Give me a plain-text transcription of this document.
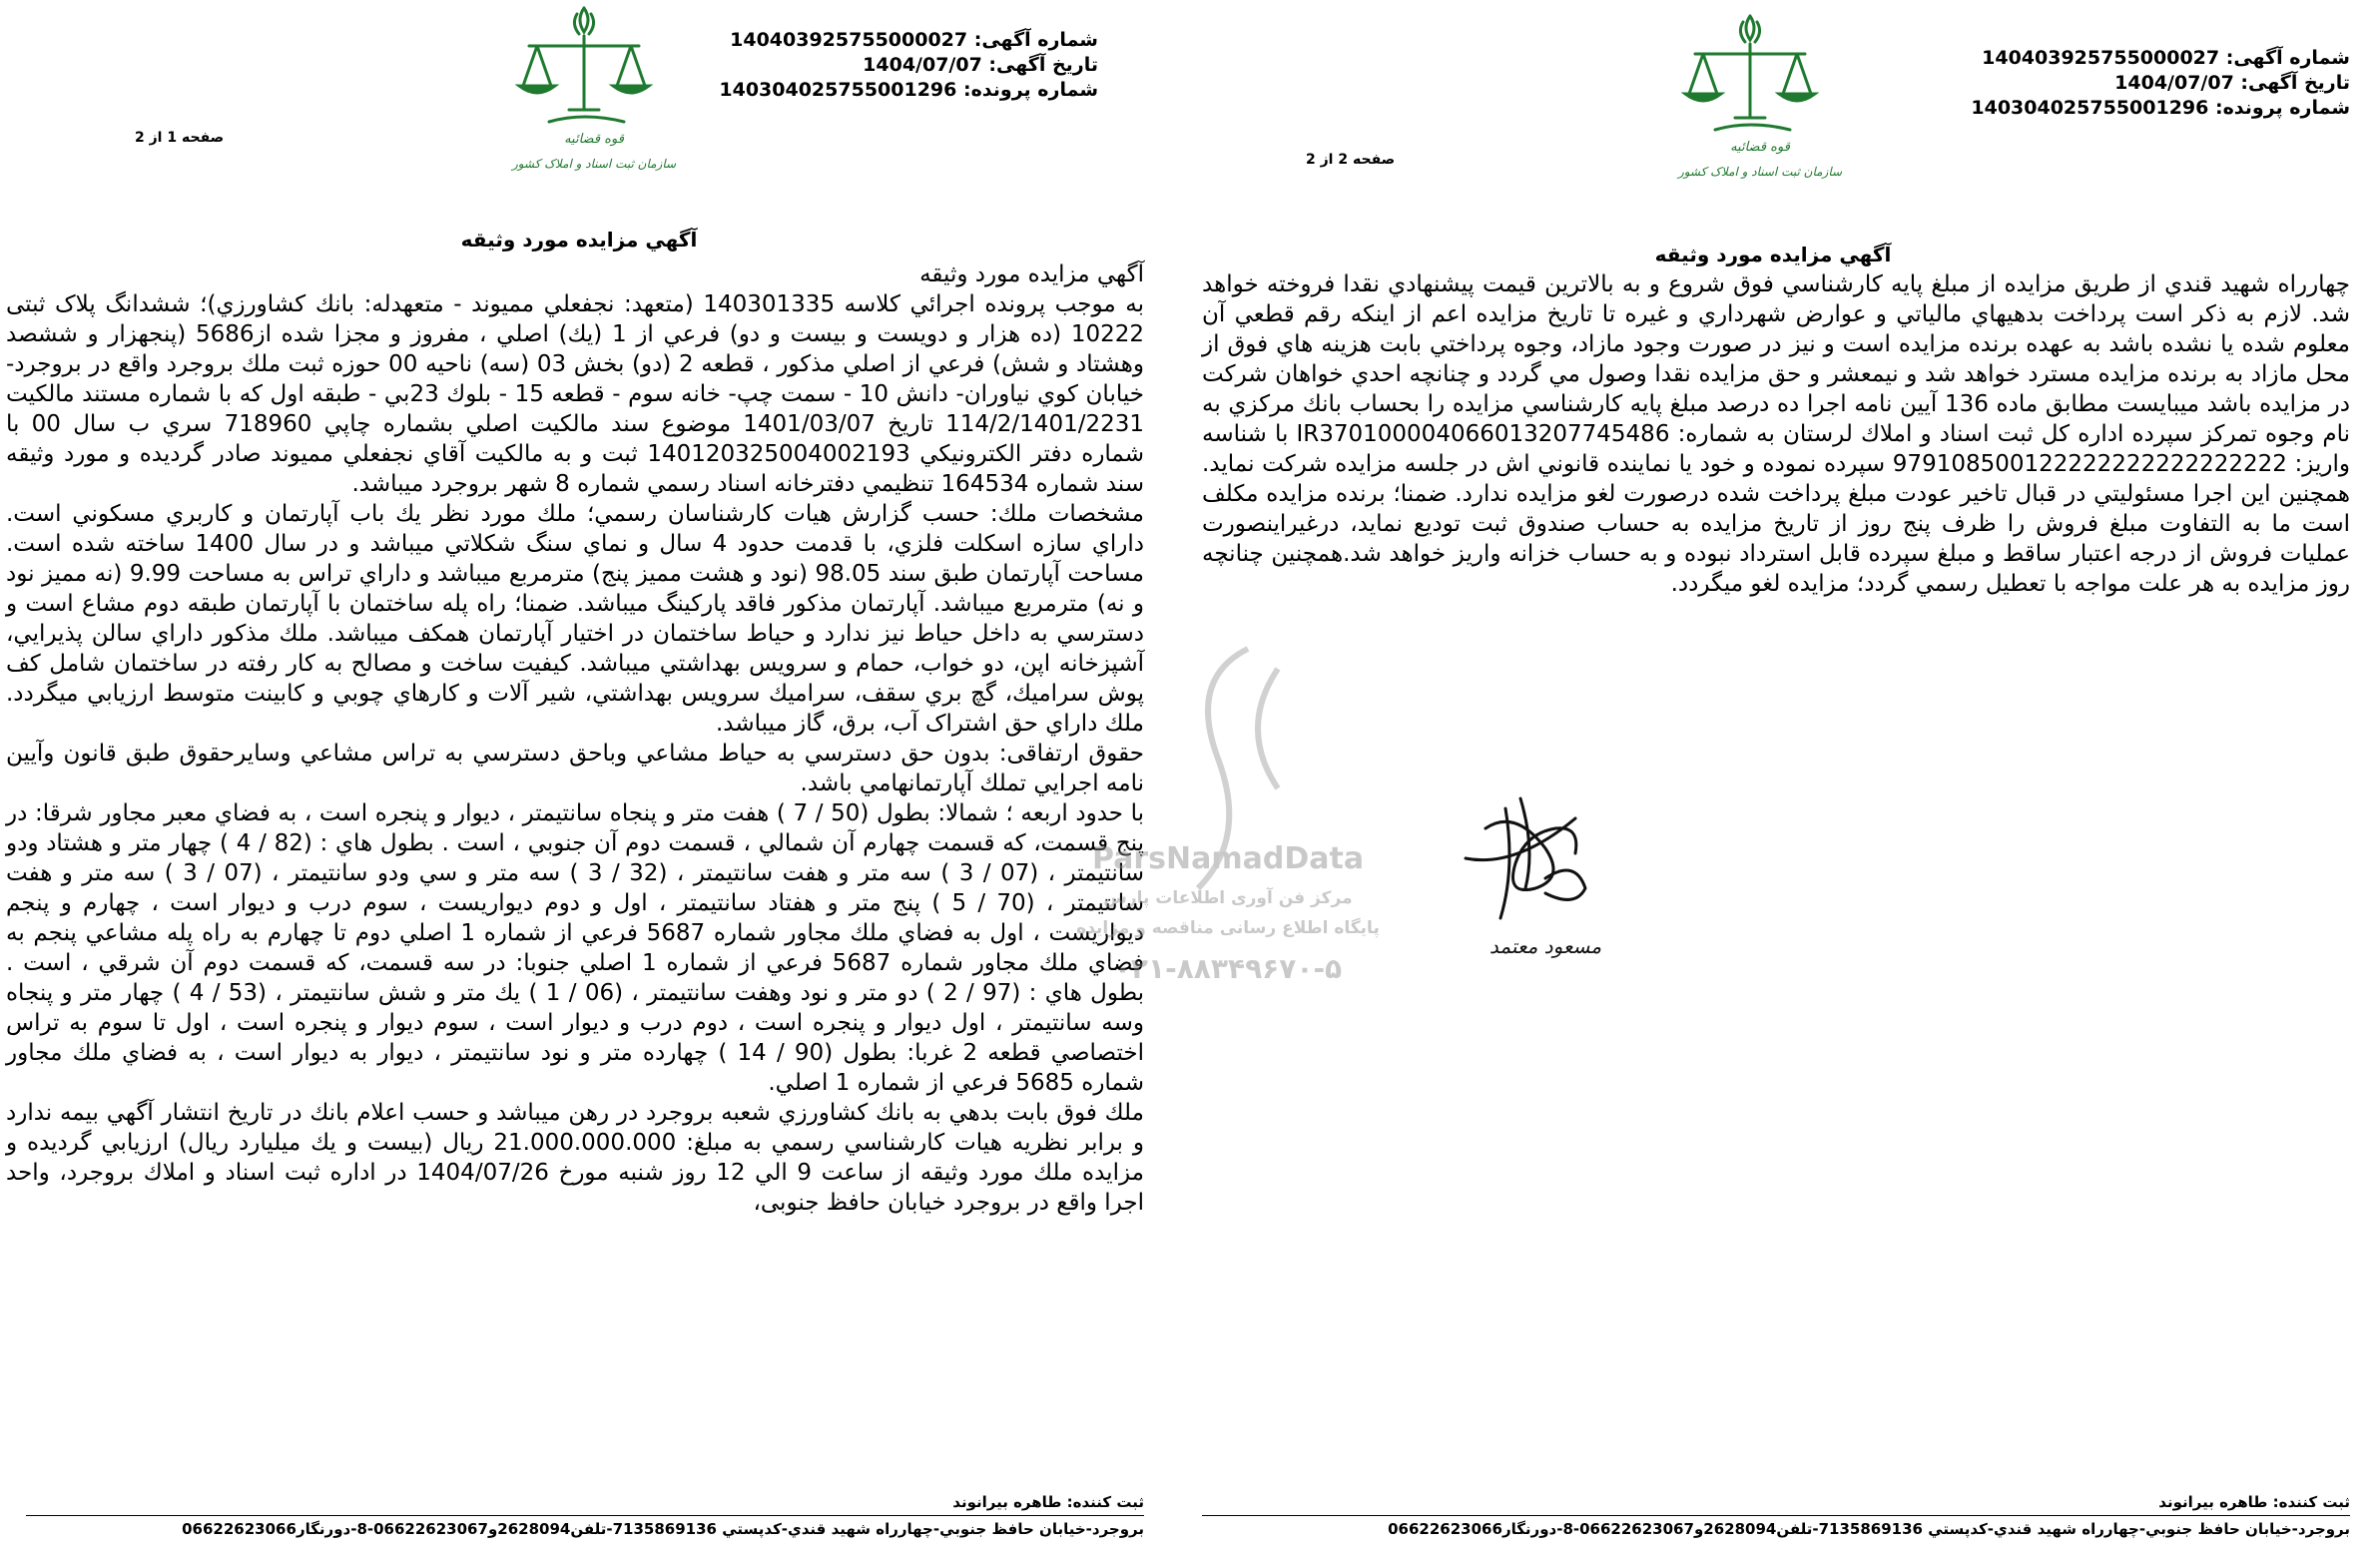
قوه قضائیه
سازمان ثبت اسناد و املاک کشور
شماره آگهی: 140403925755000027
تاریخ آگهی: 1404/07/07
شماره پرونده: 140304025755001296
صفحه 1 از 2
آگهي مزايده مورد وثيقه

آگهي مزايده مورد وثيقه

به موجب پرونده اجرائي كلاسه 140301335 (متعهد: نجفعلي مميوند - متعهدله: بانك كشاورزي)؛ ششدانگ پلاک ثبتی 10222 (ده هزار و دويست و بيست و دو) فرعي از 1 (يك) اصلي ، مفروز و مجزا شده از5686 (پنجهزار و ششصد وهشتاد و شش) فرعي از اصلي مذكور ، قطعه 2 (دو) بخش 03 (سه) ناحيه 00 حوزه ثبت ملك بروجرد واقع در بروجرد- خيابان كوي نياوران- دانش 10 - سمت چپ- خانه سوم - قطعه 15 - بلوك 23بي - طبقه اول كه با شماره مستند مالكيت 114/2/1401/2231 تاریخ 1401/03/07 موضوع سند مالكيت اصلي بشماره چاپي 718960 سري ب سال 00 با شماره دفتر الكترونيكي 140120325004002193 ثبت و به مالكيت آقاي نجفعلي مميوند صادر گرديده و مورد وثيقه سند شماره 164534 تنظيمي دفترخانه اسناد رسمي شماره 8 شهر بروجرد ميباشد.

مشخصات ملك: حسب گزارش هيات كارشناسان رسمي؛ ملك مورد نظر يك باب آپارتمان و كاربري مسكوني است. داراي سازه اسكلت فلزي، با قدمت حدود 4 سال و نماي سنگ شكلاتي ميباشد و در سال 1400 ساخته شده است. مساحت آپارتمان طبق سند 98.05 (نود و هشت مميز پنج) مترمربع ميباشد و داراي تراس به مساحت 9.99 (نه مميز نود و نه) مترمربع ميباشد. آپارتمان مذكور فاقد پاركينگ ميباشد. ضمنا؛ راه پله ساختمان با آپارتمان طبقه دوم مشاع است و دسترسي به داخل حياط نيز ندارد و حياط ساختمان در اختيار آپارتمان همكف ميباشد. ملك مذكور داراي سالن پذيرايي، آشپزخانه اپن، دو خواب، حمام و سرويس بهداشتي ميباشد. كيفيت ساخت و مصالح به كار رفته در ساختمان شامل كف پوش سراميك، گچ بري سقف، سراميك سرويس بهداشتي، شير آلات و كارهاي چوبي و كابينت متوسط ارزيابي ميگردد. ملك داراي حق اشتراک آب، برق، گاز ميباشد.

حقوق ارتفاقی: بدون حق دسترسي به حياط مشاعي وباحق دسترسي به تراس مشاعي وسايرحقوق طبق قانون وآيين نامه اجرايي تملك آپارتمانهامي باشد.

با حدود اربعه ؛ شمالا: بطول (50 / 7 ) هفت متر و پنجاه سانتيمتر ، ديوار و پنجره است ، به فضاي معبر مجاور شرقا: در پنج قسمت، كه قسمت چهارم آن شمالي ، قسمت دوم آن جنوبي ، است . بطول هاي : (82 / 4 ) چهار متر و هشتاد ودو سانتيمتر ، (07 / 3 ) سه متر و هفت سانتيمتر ، (32 / 3 ) سه متر و سي ودو سانتيمتر ، (07 / 3 ) سه متر و هفت سانتيمتر ، (70 / 5 ) پنج متر و هفتاد سانتيمتر ، اول و دوم ديواريست ، سوم درب و ديوار است ، چهارم و پنجم ديواريست ، اول به فضاي ملك مجاور شماره 5687 فرعي از شماره 1 اصلي دوم تا چهارم به راه پله مشاعي پنجم به فضاي ملك مجاور شماره 5687 فرعي از شماره 1 اصلي جنوبا: در سه قسمت، كه قسمت دوم آن شرقي ، است . بطول هاي : (97 / 2 ) دو متر و نود وهفت سانتيمتر ، (06 / 1 ) يك متر و شش سانتيمتر ، (53 / 4 ) چهار متر و پنجاه وسه سانتيمتر ، اول ديوار و پنجره است ، دوم درب و ديوار است ، سوم ديوار و پنجره است ، اول تا سوم به تراس اختصاصي قطعه 2 غربا: بطول (90 / 14 ) چهارده متر و نود سانتيمتر ، ديوار به ديوار است ، به فضاي ملك مجاور شماره 5685 فرعي از شماره 1 اصلي.

ملك فوق بابت بدهي به بانك كشاورزي شعبه بروجرد در رهن ميباشد و حسب اعلام بانك در تاريخ انتشار آگهي بيمه ندارد و برابر نظريه هيات كارشناسي رسمي به مبلغ: 21.000.000.000 ريال (بيست و يك ميليارد ريال) ارزيابي گرديده و مزايده ملك مورد وثيقه از ساعت 9 الي 12 روز شنبه مورخ 1404/07/26 در اداره ثبت اسناد و املاك بروجرد، واحد اجرا واقع در بروجرد خيابان حافظ جنوبی،

ثبت كننده: طاهره بيرانوند
بروجرد-خيابان حافظ جنوبي-چهارراه شهيد قندي-كدپستي 7135869136-تلفن2628094و06622623067-8-دورنگار06622623066
قوه قضائیه
سازمان ثبت اسناد و املاک کشور
شماره آگهی: 140403925755000027
تاریخ آگهی: 1404/07/07
شماره پرونده: 140304025755001296
صفحه 2 از 2
آگهي مزايده مورد وثيقه

چهارراه شهيد قندي از طريق مزايده از مبلغ پايه كارشناسي فوق شروع و به بالاترين قيمت پيشنهادي نقدا فروخته خواهد شد. لازم به ذكر است پرداخت بدهيهاي مالياتي و عوارض شهرداري و غيره تا تاريخ مزايده اعم از اينكه رقم قطعي آن معلوم شده يا نشده باشد به عهده برنده مزايده است و نيز در صورت وجود مازاد، وجوه پرداختي بابت هزينه هاي فوق از محل مازاد به برنده مزايده مسترد خواهد شد و نيمعشر و حق مزايده نقدا وصول مي گردد و چنانچه احدي خواهان شركت در مزايده باشد ميبايست مطابق ماده 136 آيين نامه اجرا ده درصد مبلغ پايه كارشناسي مزايده را بحساب بانك مركزي به نام وجوه تمركز سپرده اداره كل ثبت اسناد و املاك لرستان به شماره: IR370100004066013207745486 با شناسه واريز: 979108500122222222222222222 سپرده نموده و خود يا نماينده قانوني اش در جلسه مزايده شركت نمايد. همچنين اين اجرا مسئوليتي در قبال تاخير عودت مبلغ پرداخت شده درصورت لغو مزايده ندارد. ضمنا؛ برنده مزايده مكلف است ما به التفاوت مبلغ فروش را ظرف پنج روز از تاريخ مزايده به حساب صندوق ثبت توديع نمايد، درغيراينصورت عمليات فروش از درجه اعتبار ساقط و مبلغ سپرده قابل استرداد نبوده و به حساب خزانه واريز خواهد شد.همچنين چنانچه روز مزايده به هر علت مواجه با تعطيل رسمي گردد؛ مزايده لغو ميگردد.

مسعود معتمد
ثبت كننده: طاهره بيرانوند
بروجرد-خيابان حافظ جنوبي-چهارراه شهيد قندي-كدپستي 7135869136-تلفن2628094و06622623067-8-دورنگار06622623066
ParsNamadData
مرکز فن آوری اطلاعات پارس
پایگاه اطلاع رسانی مناقصه و مزایده
۰۲۱-۸۸۳۴۹۶۷۰-۵
